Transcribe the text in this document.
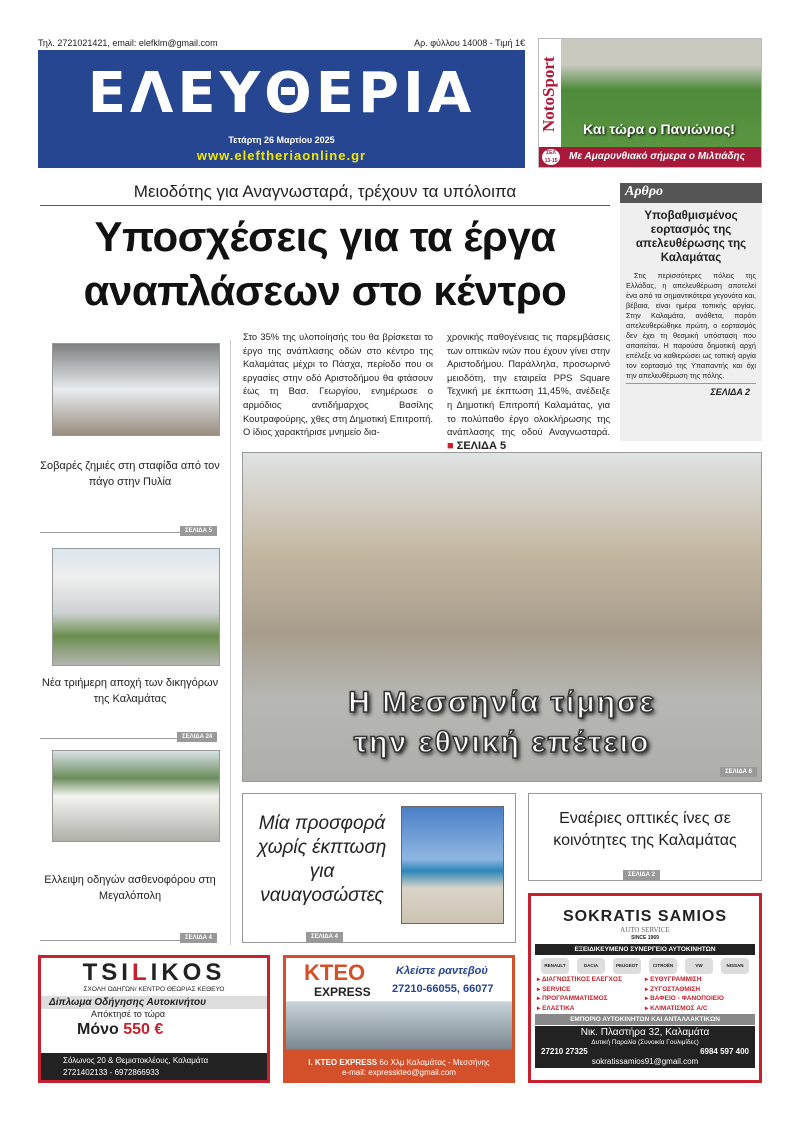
Τηλ. 2721021421, email: elefklm@gmail.com	Αρ. φύλλου 14008 - Τιμή 1€
ΕΛΕΥΘΕΡΙΑ
Τετάρτη 26 Μαρτίου 2025
www.eleftheriaonline.gr
NotoSport	Και τώρα ο Πανιώνιος!
Με Αμαρυνθιακό σήμερα ο Μιλτιάδης
ΣΕΛ 13-15
Μειοδότης για Αναγνωσταρά, τρέχουν τα υπόλοιπα
Υποσχέσεις για τα έργα αναπλάσεων στο κέντρο
Στο 35% της υλοποίησής του θα βρίσκεται το έργο της ανάπλασης οδών στο κέντρο της Καλαμάτας μέχρι το Πάσχα, περίοδο που οι εργασίες στην οδό Αριστοδήμου θα φτάσουν έως τη Βασ. Γεωργίου, ενημέρωσε ο αρμόδιος αντιδήμαρχος Βασίλης Κουτραφούρης, χθες στη Δημοτική Επιτροπή. Ο ίδιος χαρακτήρισε μνημείο δια-
χρονικής παθογένειας τις παρεμβάσεις των οπτικών ινών που έχουν γίνει στην Αριστοδήμου. Παράλληλα, προσωρινό μειοδότη, την εταιρεία PPS Square Τεχνική με έκπτωση 11,45%, ανέδειξε η Δημοτική Επιτροπή Καλαμάτας, για το πολύπαθο έργο ολοκλήρωσης της ανάπλασης της οδού Αναγνωσταρά. ■ ΣΕΛΙΔΑ 5
Αρθρο
Υποβαθμισμένος εορτασμός της απελευθέρωσης της Καλαμάτας
Στις περισσότερες πόλεις της Ελλάδας, η απελευθέρωση αποτελεί ένα από τα σημαντικότερα γεγονότα και, βέβαια, είναι ημέρα τοπικής αργίας. Στην Καλαμάτα, ανάθετα, παρότι απελευθερώθηκε πρώτη, ο εορτασμός δεν έχει τη θεσμική υπόσταση που απαιτείται. Η παρούσα δημοτική αρχή επέλεξε να καθιερώσει ως τοπική αργία τον εορτασμό της Υπαπαντής και όχι την απελευθέρωση της πόλης.
ΣΕΛΙΔΑ 2
Σοβαρές ζημιές στη σταφίδα από τον πάγο στην Πυλία
ΣΕΛΙΔΑ 5
Νέα τριήμερη αποχή των δικηγόρων της Καλαμάτας
ΣΕΛΙΔΑ 24
Ελλειψη οδηγών ασθενοφόρου στη Μεγαλόπολη
ΣΕΛΙΔΑ 4
Η Μεσσηνία τίμησε
την εθνική επέτειο
ΣΕΛΙΔΑ 6
Μία προσφορά χωρίς έκπτωση για ναυαγοσώστες
ΣΕΛΙΔΑ 4
Εναέριες οπτικές ίνες σε κοινότητες της Καλαμάτας
ΣΕΛΙΔΑ 2
TSILIKOS
ΣΧΟΛΗ ΟΔΗΓΩΝ/ ΚΕΝΤΡΟ ΘΕΩΡΙΑΣ ΚΕΘΕΥΟ
Δίπλωμα Οδήγησης Αυτοκινήτου
Απόκτησέ το τώρα
Μόνο 550 €
Σόλωνος 20 & Θεμιστοκλέους, Καλαμάτα
2721402133 - 6972866933
ΚΤΕΟ
EXPRESS
Κλείστε ραντεβού
27210-66055, 66077
I. ΚΤΕΟ EXPRESS 6ο Χλμ Καλαμάτας - Μεσσήνης
e-mail: expresskteo@gmail.com
SOKRATIS SAMIOS
AUTO SERVICE
SINCE 1969
ΕΞΕΙΔΙΚΕΥΜΕΝΟ ΣΥΝΕΡΓΕΙΟ ΑΥΤΟΚΙΝΗΤΩΝ
RENAULT	DACIA	PEUGEOT	CITROËN	VW	NISSAN
▸ ΔΙΑΓΝΩΣΤΙΚΟΣ ΕΛΕΓΧΟΣ	▸ ΕΥΘΥΓΡΑΜΜΙΣΗ
▸ SERVICE	▸ ΖΥΓΟΣΤΑΘΜΙΣΗ
▸ ΠΡΟΓΡΑΜΜΑΤΙΣΜΟΣ	▸ ΒΑΦΕΙΟ - ΦΑΝΟΠΟΙΕΙΟ
▸ ΕΛΑΣΤΙΚΑ	▸ ΚΛΙΜΑΤΙΣΜΟΣ A/C
ΕΜΠΟΡΙΟ ΑΥΤΟΚΙΝΗΤΩΝ ΚΑΙ ΑΝΤΑΛΛΑΚΤΙΚΩΝ
Νικ. Πλαστήρα 32, Καλαμάτα
Δυτική Παραλία (Συνοικία Γουλιμίδες)
27210 27325	6984 597 400
sokratissamios91@gmail.com
